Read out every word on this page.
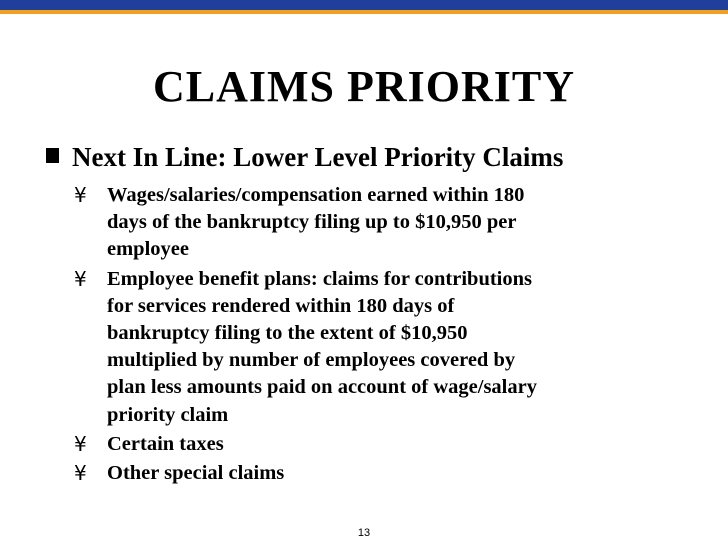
CLAIMS PRIORITY
Next In Line: Lower Level Priority Claims
¥ Wages/salaries/compensation earned within 180
days of the bankruptcy filing up to $10,950 per
employee
¥ Employee benefit plans: claims for contributions
for services rendered within 180 days of
bankruptcy filing to the extent of $10,950
multiplied by number of employees covered by
plan less amounts paid on account of wage/salary
priority claim
¥ Certain taxes
¥ Other special claims
13
